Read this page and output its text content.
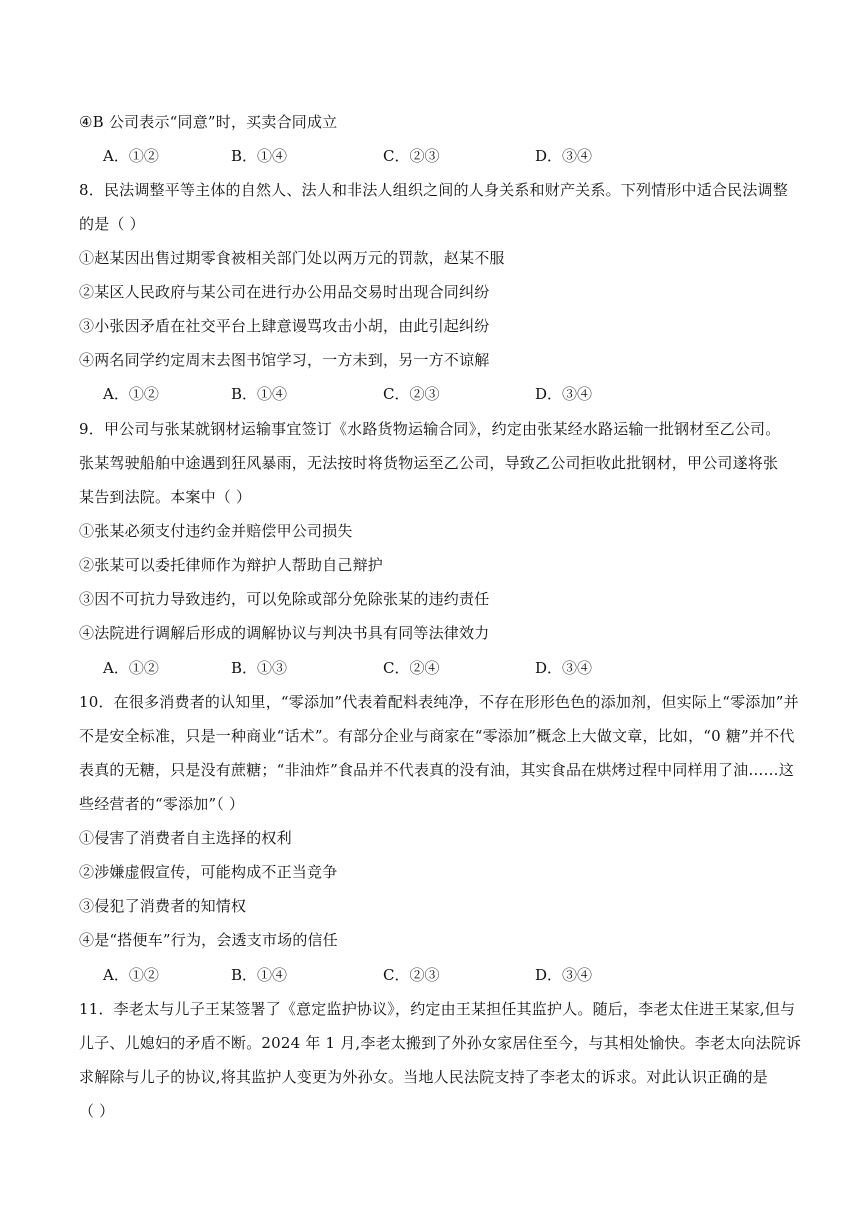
④B 公司表示“同意”时，买卖合同成立
A．①②	B．①④	C．②③	D．③④
8．民法调整平等主体的自然人、法人和非法人组织之间的人身关系和财产关系。下列情形中适合民法调整
的是（ ）
①赵某因出售过期零食被相关部门处以两万元的罚款，赵某不服
②某区人民政府与某公司在进行办公用品交易时出现合同纠纷
③小张因矛盾在社交平台上肆意谩骂攻击小胡，由此引起纠纷
④两名同学约定周末去图书馆学习，一方未到，另一方不谅解
A．①②	B．①④	C．②③	D．③④
9．甲公司与张某就钢材运输事宜签订《水路货物运输合同》，约定由张某经水路运输一批钢材至乙公司。
张某驾驶船舶中途遇到狂风暴雨，无法按时将货物运至乙公司，导致乙公司拒收此批钢材，甲公司遂将张
某告到法院。本案中（ ）
①张某必须支付违约金并赔偿甲公司损失
②张某可以委托律师作为辩护人帮助自己辩护
③因不可抗力导致违约，可以免除或部分免除张某的违约责任
④法院进行调解后形成的调解协议与判决书具有同等法律效力
A．①②	B．①③	C．②④	D．③④
10．在很多消费者的认知里，“零添加”代表着配料表纯净，不存在形形色色的添加剂，但实际上“零添加”并
不是安全标准，只是一种商业“话术”。有部分企业与商家在“零添加”概念上大做文章，比如，“0 糖”并不代
表真的无糖，只是没有蔗糖；“非油炸”食品并不代表真的没有油，其实食品在烘烤过程中同样用了油……这
些经营者的“零添加”（ ）
①侵害了消费者自主选择的权利
②涉嫌虚假宣传，可能构成不正当竞争
③侵犯了消费者的知情权
④是“搭便车”行为，会透支市场的信任
A．①②	B．①④	C．②③	D．③④
11．李老太与儿子王某签署了《意定监护协议》，约定由王某担任其监护人。随后，李老太住进王某家,但与
儿子、儿媳妇的矛盾不断。2024 年 1 月,李老太搬到了外孙女家居住至今，与其相处愉快。李老太向法院诉
求解除与儿子的协议,将其监护人变更为外孙女。当地人民法院支持了李老太的诉求。对此认识正确的是
（ ）
